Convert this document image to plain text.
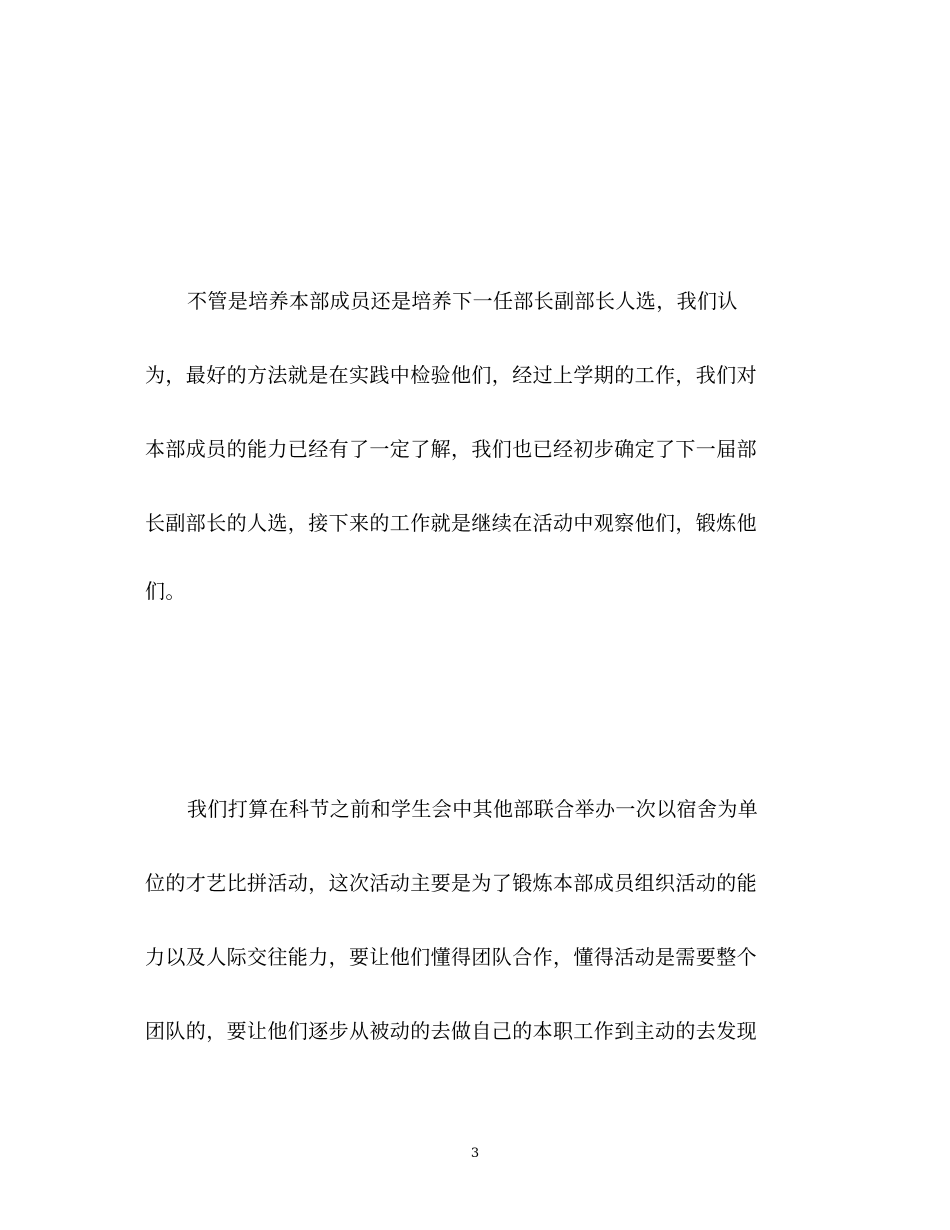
不管是培养本部成员还是培养下一任部长副部长人选，我们认
为，最好的方法就是在实践中检验他们，经过上学期的工作，我们对
本部成员的能力已经有了一定了解，我们也已经初步确定了下一届部
长副部长的人选，接下来的工作就是继续在活动中观察他们，锻炼他
们。
我们打算在科节之前和学生会中其他部联合举办一次以宿舍为单
位的才艺比拼活动，这次活动主要是为了锻炼本部成员组织活动的能
力以及人际交往能力，要让他们懂得团队合作，懂得活动是需要整个
团队的，要让他们逐步从被动的去做自己的本职工作到主动的去发现
3
